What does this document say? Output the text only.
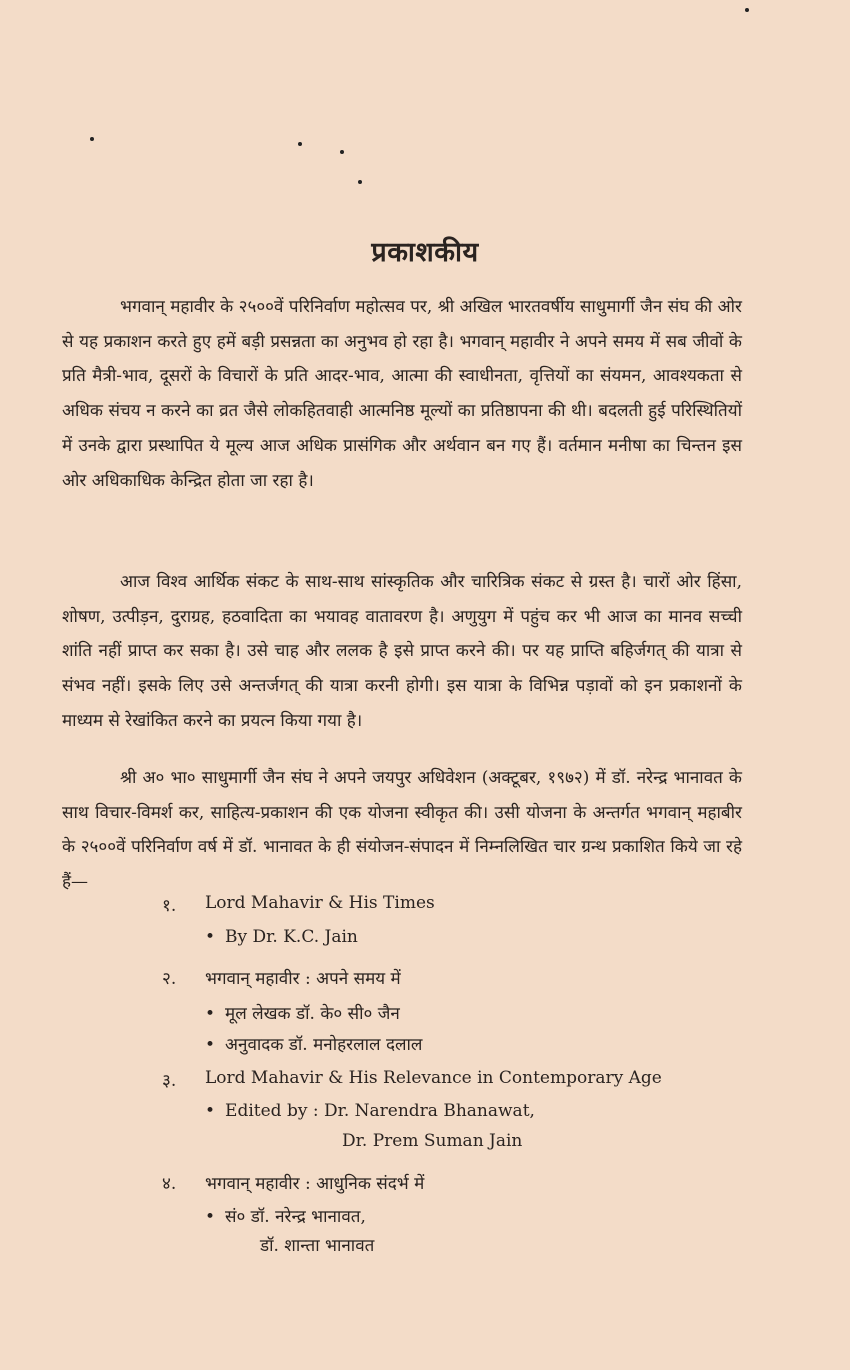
प्रकाशकीय

भगवान् महावीर के २५००वें परिनिर्वाण महोत्सव पर, श्री अखिल भारतवर्षीय साधुमार्गी जैन संघ की ओर से यह प्रकाशन करते हुए हमें बड़ी प्रसन्नता का अनुभव हो रहा है। भगवान् महावीर ने अपने समय में सब जीवों के प्रति मैत्री-भाव, दूसरों के विचारों के प्रति आदर-भाव, आत्मा की स्वाधीनता, वृत्तियों का संयमन, आवश्यकता से अधिक संचय न करने का व्रत जैसे लोकहितवाही आत्मनिष्ठ मूल्यों का प्रतिष्ठापना की थी। बदलती हुई परिस्थितियों में उनके द्वारा प्रस्थापित ये मूल्य आज अधिक प्रासंगिक और अर्थवान बन गए हैं। वर्तमान मनीषा का चिन्तन इस ओर अधिकाधिक केन्द्रित होता जा रहा है।

आज विश्व आर्थिक संकट के साथ-साथ सांस्कृतिक और चारित्रिक संकट से ग्रस्त है। चारों ओर हिंसा, शोषण, उत्पीड़न, दुराग्रह, हठवादिता का भयावह वातावरण है। अणुयुग में पहुंच कर भी आज का मानव सच्ची शांति नहीं प्राप्त कर सका है। उसे चाह और ललक है इसे प्राप्त करने की। पर यह प्राप्ति बहिर्जगत् की यात्रा से संभव नहीं। इसके लिए उसे अन्तर्जगत् की यात्रा करनी होगी। इस यात्रा के विभिन्न पड़ावों को इन प्रकाशनों के माध्यम से रेखांकित करने का प्रयत्न किया गया है।

श्री अ० भा० साधुमार्गी जैन संघ ने अपने जयपुर अधिवेशन (अक्टूबर, १९७२) में डॉ. नरेन्द्र भानावत के साथ विचार-विमर्श कर, साहित्य-प्रकाशन की एक योजना स्वीकृत की। उसी योजना के अन्तर्गत भगवान् महाबीर के २५००वें परिनिर्वाण वर्ष में डॉ. भानावत के ही संयोजन-संपादन में निम्नलिखित चार ग्रन्थ प्रकाशित किये जा रहे हैं—

१. Lord Mahavir & His Times
• By Dr. K.C. Jain
२. भगवान् महावीर : अपने समय में
• मूल लेखक डॉ. के० सी० जैन
• अनुवादक डॉ. मनोहरलाल दलाल
३. Lord Mahavir & His Relevance in Contemporary Age
• Edited by : Dr. Narendra Bhanawat,
Dr. Prem Suman Jain
४. भगवान् महावीर : आधुनिक संदर्भ में
• सं० डॉ. नरेन्द्र भानावत,
डॉ. शान्ता भानावत
